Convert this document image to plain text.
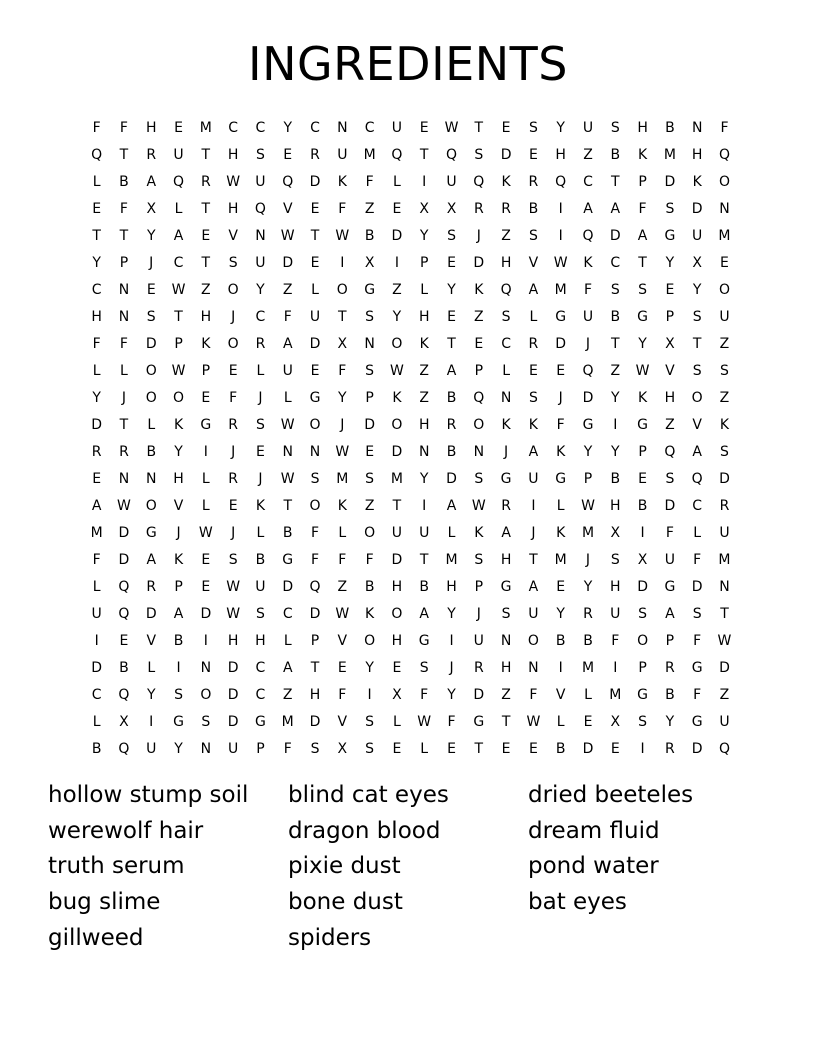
INGREDIENTS
F	F	H	E	M	C	C	Y	C	N	C	U	E	W	T	E	S	Y	U	S	H	B	N	F
Q	T	R	U	T	H	S	E	R	U	M	Q	T	Q	S	D	E	H	Z	B	K	M	H	Q
L	B	A	Q	R	W	U	Q	D	K	F	L	I	U	Q	K	R	Q	C	T	P	D	K	O
E	F	X	L	T	H	Q	V	E	F	Z	E	X	X	R	R	B	I	A	A	F	S	D	N
T	T	Y	A	E	V	N	W	T	W	B	D	Y	S	J	Z	S	I	Q	D	A	G	U	M
Y	P	J	C	T	S	U	D	E	I	X	I	P	E	D	H	V	W	K	C	T	Y	X	E
C	N	E	W	Z	O	Y	Z	L	O	G	Z	L	Y	K	Q	A	M	F	S	S	E	Y	O
H	N	S	T	H	J	C	F	U	T	S	Y	H	E	Z	S	L	G	U	B	G	P	S	U
F	F	D	P	K	O	R	A	D	X	N	O	K	T	E	C	R	D	J	T	Y	X	T	Z
L	L	O	W	P	E	L	U	E	F	S	W	Z	A	P	L	E	E	Q	Z	W	V	S	S
Y	J	O	O	E	F	J	L	G	Y	P	K	Z	B	Q	N	S	J	D	Y	K	H	O	Z
D	T	L	K	G	R	S	W	O	J	D	O	H	R	O	K	K	F	G	I	G	Z	V	K
R	R	B	Y	I	J	E	N	N	W	E	D	N	B	N	J	A	K	Y	Y	P	Q	A	S
E	N	N	H	L	R	J	W	S	M	S	M	Y	D	S	G	U	G	P	B	E	S	Q	D
A	W	O	V	L	E	K	T	O	K	Z	T	I	A	W	R	I	L	W	H	B	D	C	R
M	D	G	J	W	J	L	B	F	L	O	U	U	L	K	A	J	K	M	X	I	F	L	U
F	D	A	K	E	S	B	G	F	F	F	D	T	M	S	H	T	M	J	S	X	U	F	M
L	Q	R	P	E	W	U	D	Q	Z	B	H	B	H	P	G	A	E	Y	H	D	G	D	N
U	Q	D	A	D	W	S	C	D	W	K	O	A	Y	J	S	U	Y	R	U	S	A	S	T
I	E	V	B	I	H	H	L	P	V	O	H	G	I	U	N	O	B	B	F	O	P	F	W
D	B	L	I	N	D	C	A	T	E	Y	E	S	J	R	H	N	I	M	I	P	R	G	D
C	Q	Y	S	O	D	C	Z	H	F	I	X	F	Y	D	Z	F	V	L	M	G	B	F	Z
L	X	I	G	S	D	G	M	D	V	S	L	W	F	G	T	W	L	E	X	S	Y	G	U
B	Q	U	Y	N	U	P	F	S	X	S	E	L	E	T	E	E	B	D	E	I	R	D	Q
hollow stump soil
werewolf hair
truth serum
bug slime
gillweed
blind cat eyes
dragon blood
pixie dust
bone dust
spiders
dried beeteles
dream fluid
pond water
bat eyes
